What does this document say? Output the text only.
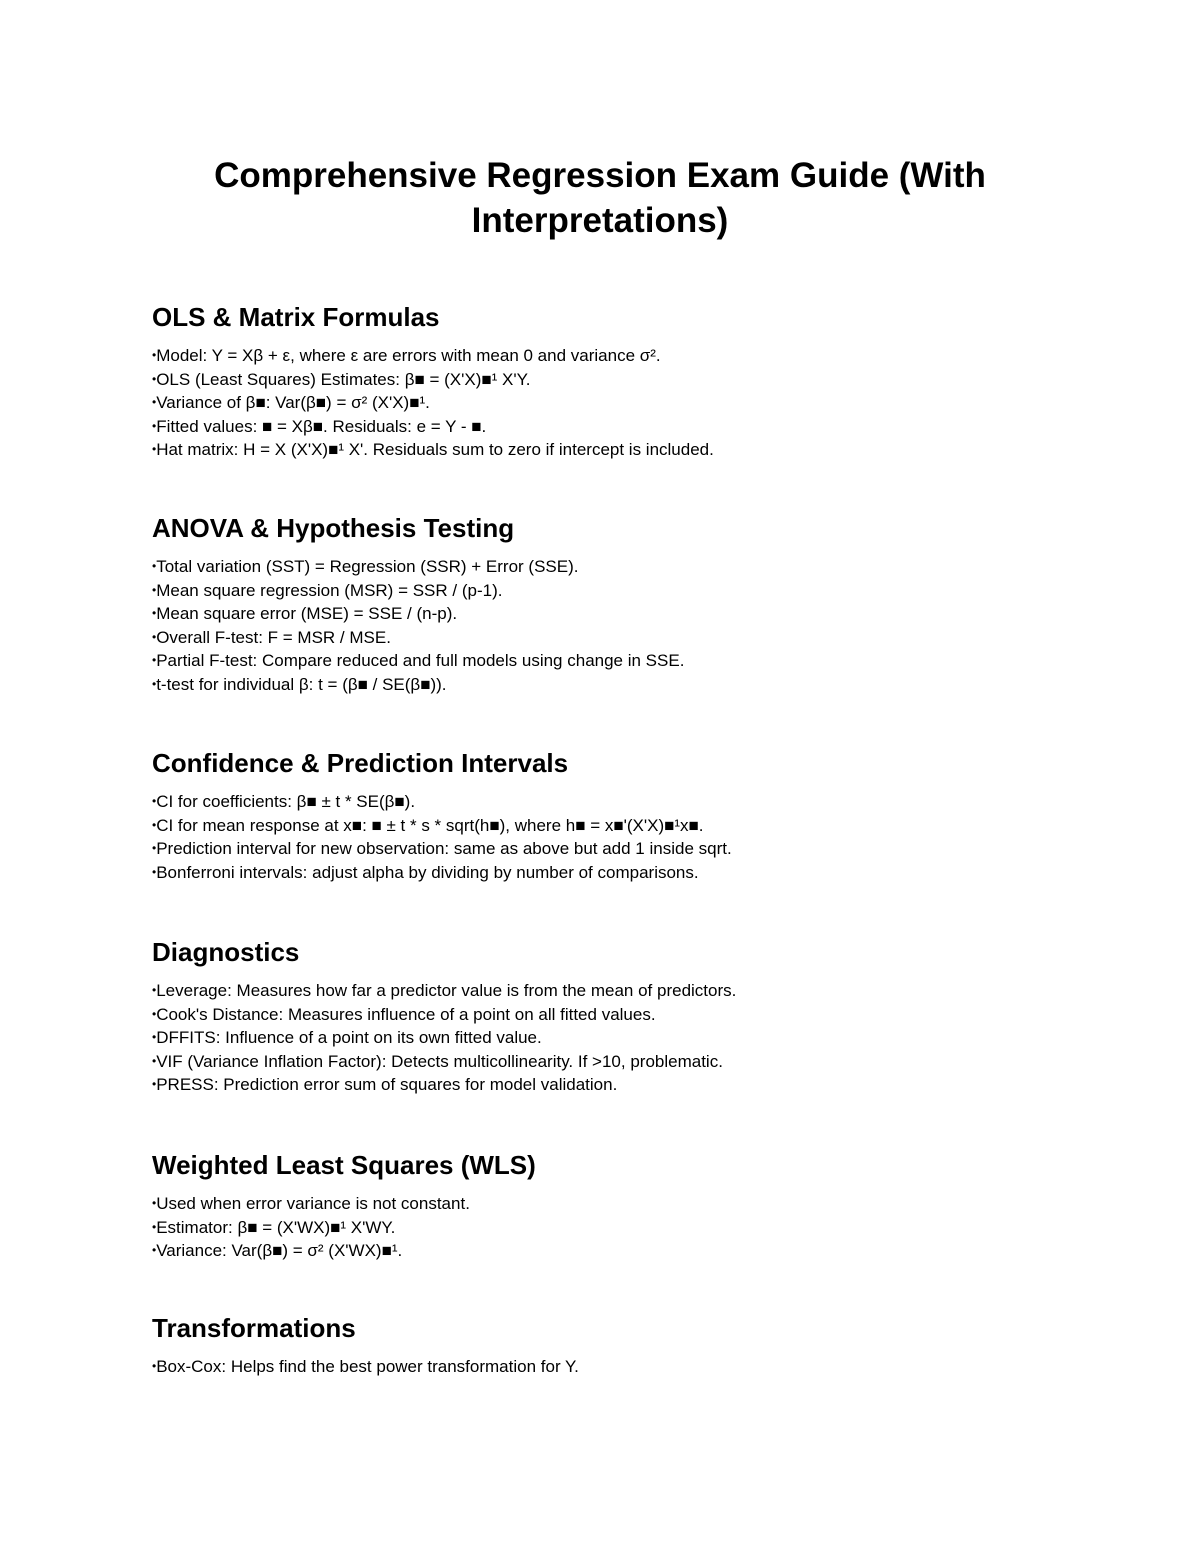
Comprehensive Regression Exam Guide (With Interpretations)
OLS & Matrix Formulas
• Model: Y = Xβ + ε, where ε are errors with mean 0 and variance σ².
• OLS (Least Squares) Estimates: β■ = (X'X)■¹ X'Y.
• Variance of β■: Var(β■) = σ² (X'X)■¹.
• Fitted values: ■ = Xβ■. Residuals: e = Y - ■.
• Hat matrix: H = X (X'X)■¹ X'. Residuals sum to zero if intercept is included.
ANOVA & Hypothesis Testing
• Total variation (SST) = Regression (SSR) + Error (SSE).
• Mean square regression (MSR) = SSR / (p-1).
• Mean square error (MSE) = SSE / (n-p).
• Overall F-test: F = MSR / MSE.
• Partial F-test: Compare reduced and full models using change in SSE.
• t-test for individual β: t = (β■ / SE(β■)).
Confidence & Prediction Intervals
• CI for coefficients: β■ ± t * SE(β■).
• CI for mean response at x■: ■ ± t * s * sqrt(h■), where h■ = x■'(X'X)■¹x■.
• Prediction interval for new observation: same as above but add 1 inside sqrt.
• Bonferroni intervals: adjust alpha by dividing by number of comparisons.
Diagnostics
• Leverage: Measures how far a predictor value is from the mean of predictors.
• Cook's Distance: Measures influence of a point on all fitted values.
• DFFITS: Influence of a point on its own fitted value.
• VIF (Variance Inflation Factor): Detects multicollinearity. If >10, problematic.
• PRESS: Prediction error sum of squares for model validation.
Weighted Least Squares (WLS)
• Used when error variance is not constant.
• Estimator: β■ = (X'WX)■¹ X'WY.
• Variance: Var(β■) = σ² (X'WX)■¹.
Transformations
• Box-Cox: Helps find the best power transformation for Y.
